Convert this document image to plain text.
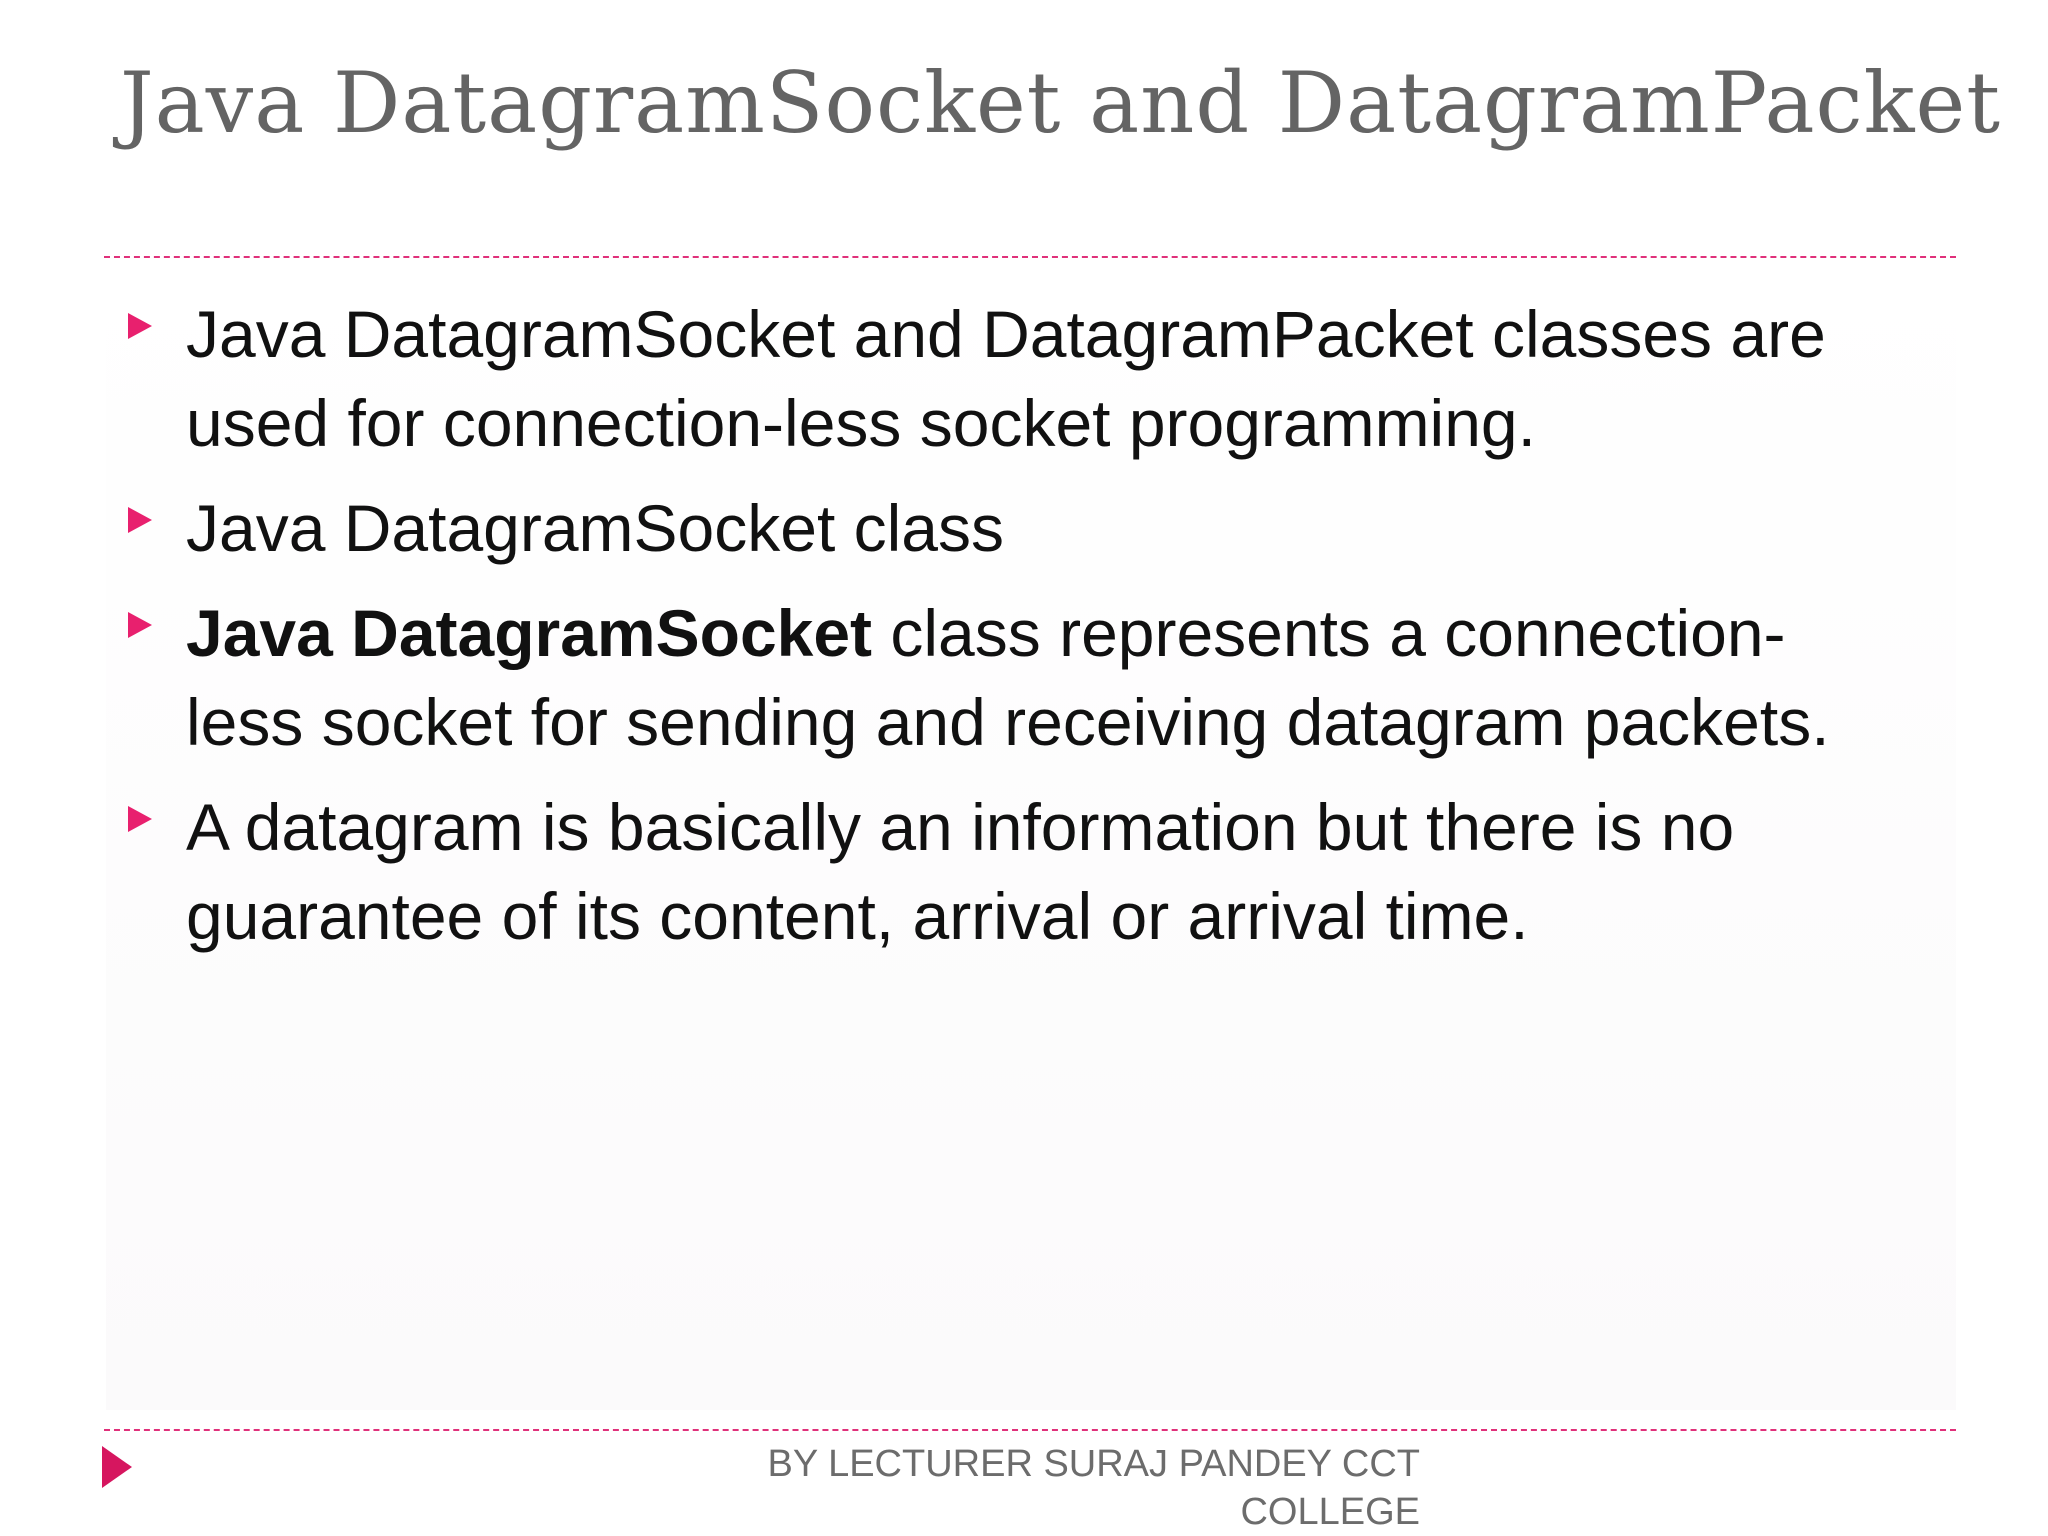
Java DatagramSocket and DatagramPacket
Java DatagramSocket and DatagramPacket classes are
used for connection-less socket programming.
Java DatagramSocket class
Java DatagramSocket class represents a connection-
less socket for sending and receiving datagram packets.
A datagram is basically an information but there is no
guarantee of its content, arrival or arrival time.
BY LECTURER SURAJ PANDEY CCT
COLLEGE
